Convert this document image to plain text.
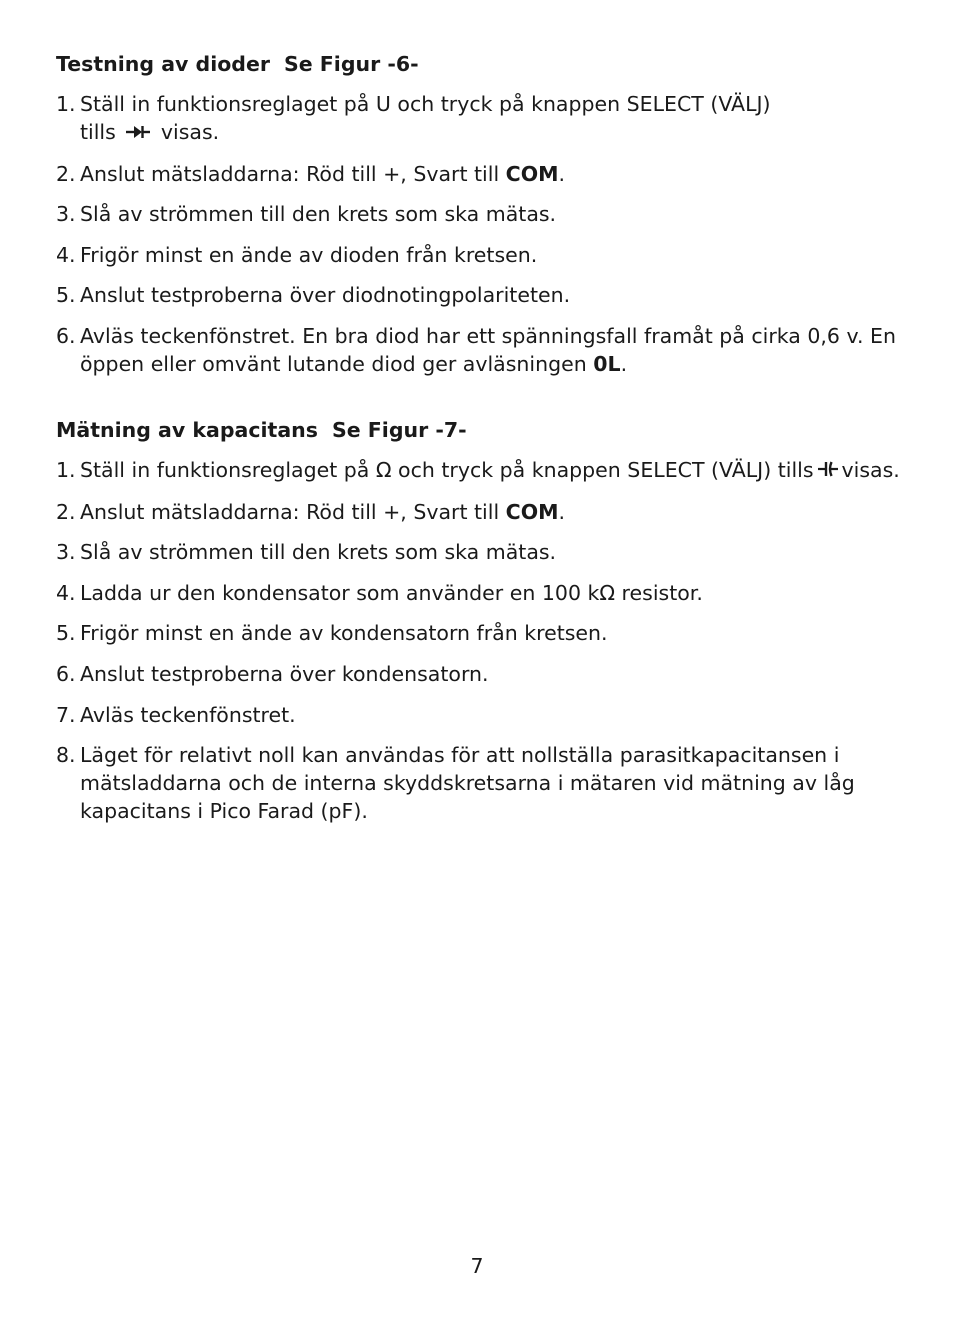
Testning av dioder Se Figur -6-
1. Ställ in funktionsreglaget på U och tryck på knappen SELECT (VÄLJ)
tills visas.
2. Anslut mätsladdarna: Röd till +, Svart till COM.
3. Slå av strömmen till den krets som ska mätas.
4. Frigör minst en ände av dioden från kretsen.
5. Anslut testproberna över diodnotingpolariteten.
6. Avläs teckenfönstret. En bra diod har ett spänningsfall framåt på cirka 0,6 v. En öppen eller omvänt lutande diod ger avläsningen 0L.
Mätning av kapacitans Se Figur -7-
1. Ställ in funktionsreglaget på Ω och tryck på knappen SELECT (VÄLJ) tills visas.
2. Anslut mätsladdarna: Röd till +, Svart till COM.
3. Slå av strömmen till den krets som ska mätas.
4. Ladda ur den kondensator som använder en 100 kΩ resistor.
5. Frigör minst en ände av kondensatorn från kretsen.
6. Anslut testproberna över kondensatorn.
7. Avläs teckenfönstret.
8. Läget för relativt noll kan användas för att nollställa parasitkapacitansen i mätsladdarna och de interna skyddskretsarna i mätaren vid mätning av låg kapacitans i Pico Farad (pF).
7
